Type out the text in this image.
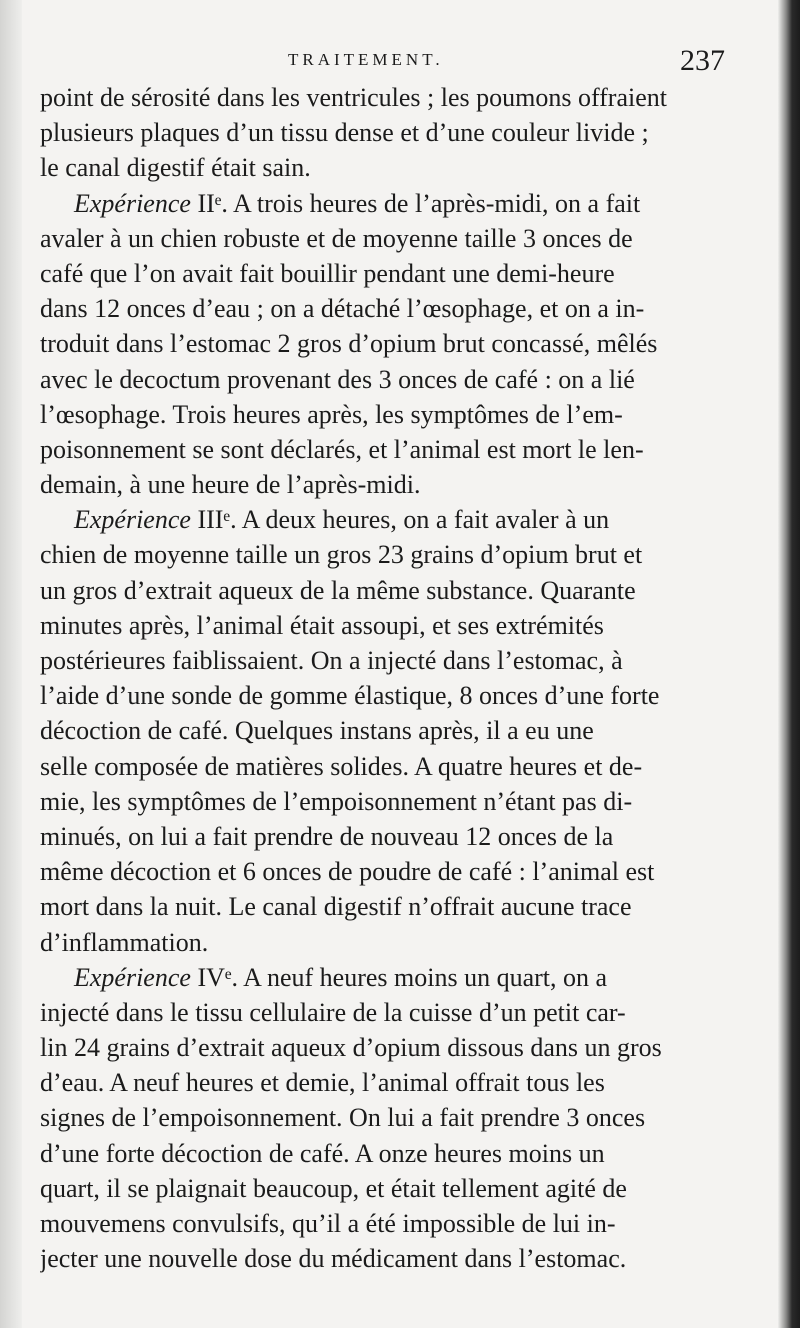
TRAITEMENT.	237
point de sérosité dans les ventricules ; les poumons offraient
plusieurs plaques d’un tissu dense et d’une couleur livide ;
le canal digestif était sain.
Expérience IIᵉ. A trois heures de l’après-midi, on a fait
avaler à un chien robuste et de moyenne taille 3 onces de
café que l’on avait fait bouillir pendant une demi-heure
dans 12 onces d’eau ; on a détaché l’œsophage, et on a in-
troduit dans l’estomac 2 gros d’opium brut concassé, mêlés
avec le decoctum provenant des 3 onces de café : on a lié
l’œsophage. Trois heures après, les symptômes de l’em-
poisonnement se sont déclarés, et l’animal est mort le len-
demain, à une heure de l’après-midi.
Expérience IIIᵉ. A deux heures, on a fait avaler à un
chien de moyenne taille un gros 23 grains d’opium brut et
un gros d’extrait aqueux de la même substance. Quarante
minutes après, l’animal était assoupi, et ses extrémités
postérieures faiblissaient. On a injecté dans l’estomac, à
l’aide d’une sonde de gomme élastique, 8 onces d’une forte
décoction de café. Quelques instans après, il a eu une
selle composée de matières solides. A quatre heures et de-
mie, les symptômes de l’empoisonnement n’étant pas di-
minués, on lui a fait prendre de nouveau 12 onces de la
même décoction et 6 onces de poudre de café : l’animal est
mort dans la nuit. Le canal digestif n’offrait aucune trace
d’inflammation.
Expérience IVᵉ. A neuf heures moins un quart, on a
injecté dans le tissu cellulaire de la cuisse d’un petit car-
lin 24 grains d’extrait aqueux d’opium dissous dans un gros
d’eau. A neuf heures et demie, l’animal offrait tous les
signes de l’empoisonnement. On lui a fait prendre 3 onces
d’une forte décoction de café. A onze heures moins un
quart, il se plaignait beaucoup, et était tellement agité de
mouvemens convulsifs, qu’il a été impossible de lui in-
jecter une nouvelle dose du médicament dans l’estomac.
